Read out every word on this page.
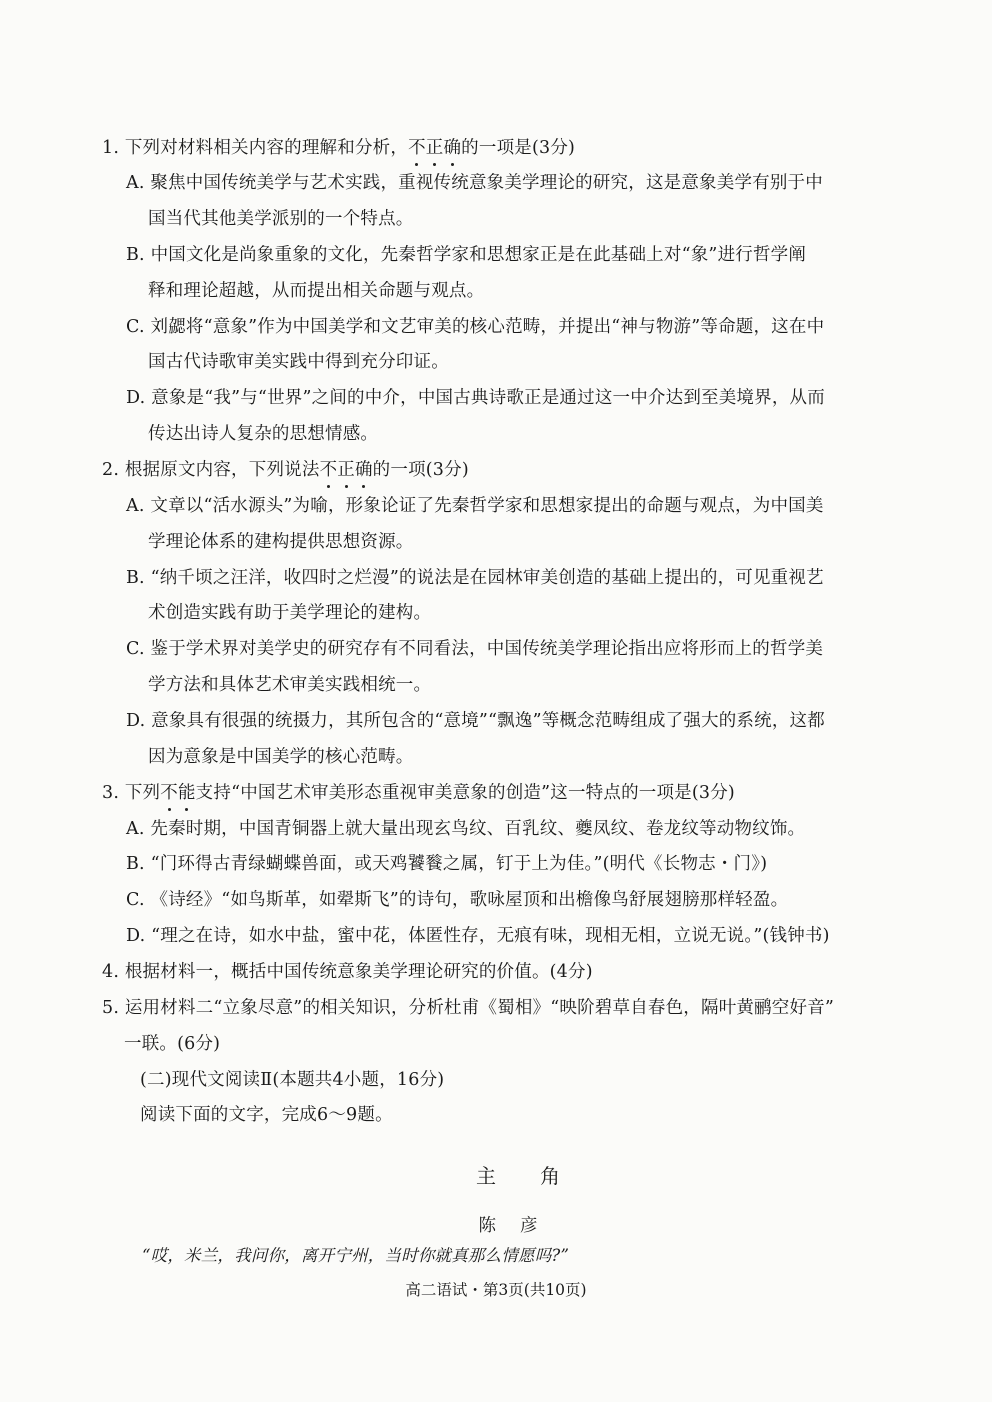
1. 下列对材料相关内容的理解和分析，不正确的一项是(3分)
A. 聚焦中国传统美学与艺术实践，重视传统意象美学理论的研究，这是意象美学有别于中
国当代其他美学派别的一个特点。
B. 中国文化是尚象重象的文化，先秦哲学家和思想家正是在此基础上对“象”进行哲学阐
释和理论超越，从而提出相关命题与观点。
C. 刘勰将“意象”作为中国美学和文艺审美的核心范畴，并提出“神与物游”等命题，这在中
国古代诗歌审美实践中得到充分印证。
D. 意象是“我”与“世界”之间的中介，中国古典诗歌正是通过这一中介达到至美境界，从而
传达出诗人复杂的思想情感。
2. 根据原文内容，下列说法不正确的一项(3分)
A. 文章以“活水源头”为喻，形象论证了先秦哲学家和思想家提出的命题与观点，为中国美
学理论体系的建构提供思想资源。
B. “纳千顷之汪洋，收四时之烂漫”的说法是在园林审美创造的基础上提出的，可见重视艺
术创造实践有助于美学理论的建构。
C. 鉴于学术界对美学史的研究存有不同看法，中国传统美学理论指出应将形而上的哲学美
学方法和具体艺术审美实践相统一。
D. 意象具有很强的统摄力，其所包含的“意境”“飘逸”等概念范畴组成了强大的系统，这都
因为意象是中国美学的核心范畴。
3. 下列不能支持“中国艺术审美形态重视审美意象的创造”这一特点的一项是(3分)
A. 先秦时期，中国青铜器上就大量出现玄鸟纹、百乳纹、夔凤纹、卷龙纹等动物纹饰。
B. “门环得古青绿蝴蝶兽面，或天鸡饕餮之属，钉于上为佳。”(明代《长物志・门》)
C. 《诗经》“如鸟斯革，如翚斯飞”的诗句，歌咏屋顶和出檐像鸟舒展翅膀那样轻盈。
D. “理之在诗，如水中盐，蜜中花，体匿性存，无痕有味，现相无相，立说无说。”(钱钟书)
4. 根据材料一，概括中国传统意象美学理论研究的价值。(4分)
5. 运用材料二“立象尽意”的相关知识，分析杜甫《蜀相》“映阶碧草自春色，隔叶黄鹂空好音”
一联。(6分)
(二)现代文阅读Ⅱ(本题共4小题，16分)
阅读下面的文字，完成6～9题。
主角
陈彦
“哎，米兰，我问你，离开宁州，当时你就真那么情愿吗?”
高二语试・第3页(共10页)
